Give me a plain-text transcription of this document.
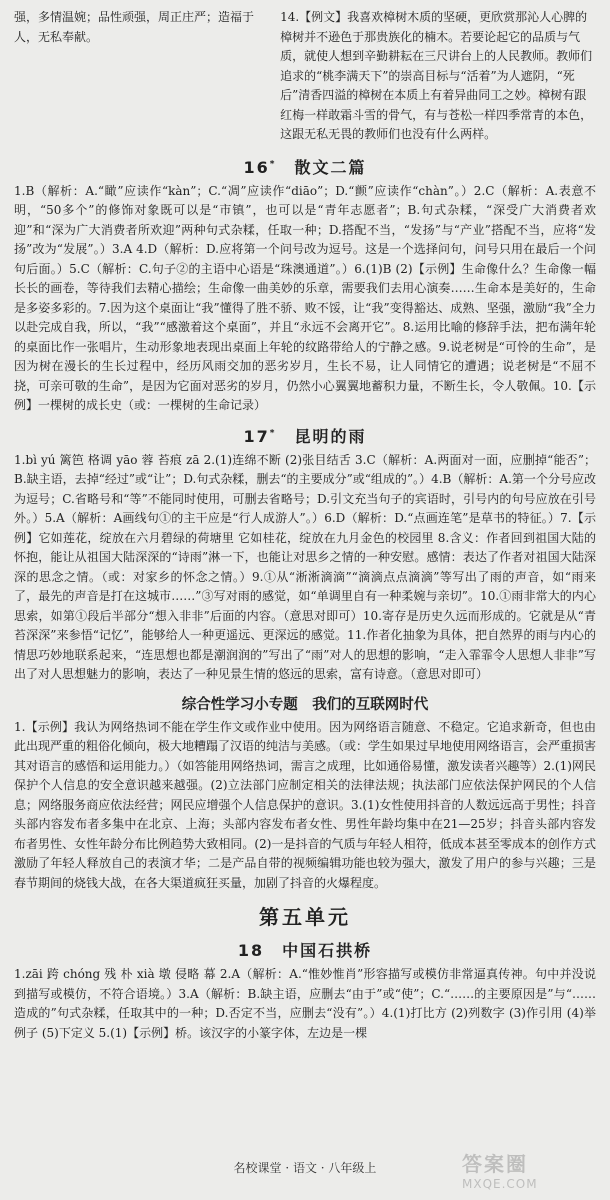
强，多情温婉；品性顽强，周正庄严；造福于人，无私奉献。

14.【例文】我喜欢樟树木质的坚硬，更欣赏那沁人心脾的樟树并不逊色于那贵族化的楠木。若要论起它的品质与气质，就使人想到辛勤耕耘在三尺讲台上的人民教师。教师们追求的“桃李满天下”的崇高目标与“活着”为人遮阴，“死后”清香四溢的樟树在本质上有着异曲同工之妙。樟树有跟红梅一样敢霜斗雪的骨气，有与苍松一样四季常青的本色，这跟无私无畏的教师们也没有什么两样。

16*　 散文二篇

1.B（解析：A.“瞰”应读作“kàn”；C.“凋”应读作“diāo”；D.“颤”应读作“chàn”。）2.C（解析：A.表意不明，“50多个”的修饰对象既可以是“市镇”，也可以是“青年志愿者”；B.句式杂糅，“深受广大消费者欢迎”和“深为广大消费者所欢迎”两种句式杂糅，任取一种；D.搭配不当，“发扬”与“产业”搭配不当，应将“发扬”改为“发展”。）3.A 4.D（解析：D.应将第一个问号改为逗号。这是一个选择问句，问号只用在最后一个问句后面。）5.C（解析：C.句子②的主语中心语是“珠澳通道”。）6.(1)B (2)【示例】生命像什么？生命像一幅长长的画卷，等待我们去精心描绘；生命像一曲美妙的乐章，需要我们去用心演奏……生命本是美好的，生命是多姿多彩的。7.因为这个桌面让“我”懂得了胜不骄、败不馁，让“我”变得豁达、成熟、坚强，激励“我”全力以赴完成自我，所以，“我”“感激着这个桌面”，并且“永远不会离开它”。8.运用比喻的修辞手法，把布满年轮的桌面比作一张唱片，生动形象地表现出桌面上年轮的纹路带给人的宁静之感。9.说老树是“可怜的生命”，是因为树在漫长的生长过程中，经历风雨交加的恶劣岁月，生长不易，让人同情它的遭遇；说老树是“不屈不挠，可亲可敬的生命”，是因为它面对恶劣的岁月，仍然小心翼翼地蓄积力量，不断生长，令人敬佩。10.【示例】一棵树的成长史（或：一棵树的生命记录）

17*　 昆明的雨

1.bì yú 篱笆 格调 yāo 蓉 苔痕 zā 2.(1)连绵不断 (2)张目结舌 3.C（解析：A.两面对一面，应删掉“能否”；B.缺主语，去掉“经过”或“让”；D.句式杂糅，删去“的主要成分”或“组成的”。）4.B（解析：A.第一个分号应改为逗号；C.省略号和“等”不能同时使用，可删去省略号；D.引文充当句子的宾语时，引号内的句号应放在引号外。）5.A（解析：A画线句①的主干应是“行人成游人”。）6.D（解析：D.“点画连笔”是草书的特征。）7.【示例】它如莲花，绽放在六月碧绿的荷塘里 它如桂花，绽放在九月金色的校园里 8.含义：作者回到祖国大陆的怀抱，能让从祖国大陆深深的“诗雨”淋一下，也能让对思乡之情的一种安慰。感情：表达了作者对祖国大陆深深的思念之情。（或：对家乡的怀念之情。）9.①从“淅淅滴滴”“滴滴点点滴滴”等写出了雨的声音，如“雨来了，最先的声音是打在这城市……”③写对雨的感觉，如“单调里自有一种柔婉与亲切”。10.①雨非常大的内心思索，如第①段后半部分“想入非非”后面的内容。（意思对即可）10.寄存是历史久远而形成的。它就是从“青苔深深”来参悟“记忆”，能够给人一种更遥远、更深远的感觉。11.作者化抽象为具体，把自然界的雨与内心的情思巧妙地联系起来，“连思想也都是潮润润的”写出了“雨”对人的思想的影响，“走入霏霏令人思想人非非”写出了对人思想魅力的影响，表达了一种见景生情的悠远的思索，富有诗意。（意思对即可）

综合性学习小专题　我们的互联网时代

1.【示例】我认为网络热词不能在学生作文或作业中使用。因为网络语言随意、不稳定。它追求新奇，但也由此出现严重的粗俗化倾向，极大地糟蹋了汉语的纯洁与美感。（或：学生如果过早地使用网络语言，会严重损害其对语言的感悟和运用能力。）（如答能用网络热词，需言之成理，比如通俗易懂，激发读者兴趣等）2.(1)网民保护个人信息的安全意识越来越强。(2)立法部门应制定相关的法律法规；执法部门应依法保护网民的个人信息；网络服务商应依法经营；网民应增强个人信息保护的意识。3.(1)女性使用抖音的人数远远高于男性；抖音头部内容发布者多集中在北京、上海；头部内容发布者女性、男性年龄均集中在21—25岁；抖音头部内容发布者男性、女性年龄分布比例趋势大致相同。(2)一是抖音的气质与年轻人相符，低成本甚至零成本的创作方式激励了年轻人释放自己的表演才华；二是产品自带的视频编辑功能也较为强大，激发了用户的参与兴趣；三是春节期间的烧钱大战，在各大渠道疯狂买量，加剧了抖音的火爆程度。

第五单元
18　 中国石拱桥

1.zāi 跨 chóng 残 朴 xià 墩 侵略 幕 2.A（解析：A.“惟妙惟肖”形容描写或模仿非常逼真传神。句中并没说到描写或模仿，不符合语境。）3.A（解析：B.缺主语，应删去“由于”或“使”；C.“……的主要原因是”与“……造成的”句式杂糅，任取其中的一种；D.否定不当，应删去“没有”。）4.(1)打比方 (2)列数字 (3)作引用 (4)举例子 (5)下定义 5.(1)【示例】桥。该汉字的小篆字体，左边是一棵

名校课堂 · 语文 · 八年级上	答案圈
MXQE.COM
